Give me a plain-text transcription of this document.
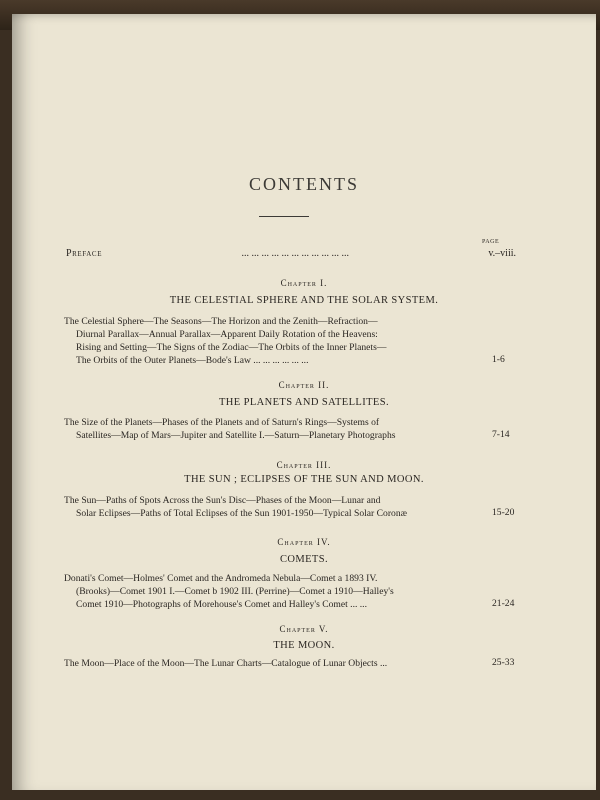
CONTENTS
PAGE
Preface	... ... ... ... ... ... ... ... ... ... ...	v.–viii.
Chapter I.
THE CELESTIAL SPHERE AND THE SOLAR SYSTEM.
The Celestial Sphere—The Seasons—The Horizon and the Zenith—Refraction—
Diurnal Parallax—Annual Parallax—Apparent Daily Rotation of the Heavens:
Rising and Setting—The Signs of the Zodiac—The Orbits of the Inner Planets—
The Orbits of the Outer Planets—Bode's Law ... ... ... ... ... ...	1-6
Chapter II.
THE PLANETS AND SATELLITES.
The Size of the Planets—Phases of the Planets and of Saturn's Rings—Systems of
Satellites—Map of Mars—Jupiter and Satellite I.—Saturn—Planetary Photographs	7-14
Chapter III.
THE SUN ; ECLIPSES OF THE SUN AND MOON.
The Sun—Paths of Spots Across the Sun's Disc—Phases of the Moon—Lunar and
Solar Eclipses—Paths of Total Eclipses of the Sun 1901-1950—Typical Solar Coronæ	15-20
Chapter IV.
COMETS.
Donati's Comet—Holmes' Comet and the Andromeda Nebula—Comet a 1893 IV.
(Brooks)—Comet 1901 I.—Comet b 1902 III. (Perrine)—Comet a 1910—Halley's
Comet 1910—Photographs of Morehouse's Comet and Halley's Comet ... ...	21-24
Chapter V.
THE MOON.
The Moon—Place of the Moon—The Lunar Charts—Catalogue of Lunar Objects ...	25-33
